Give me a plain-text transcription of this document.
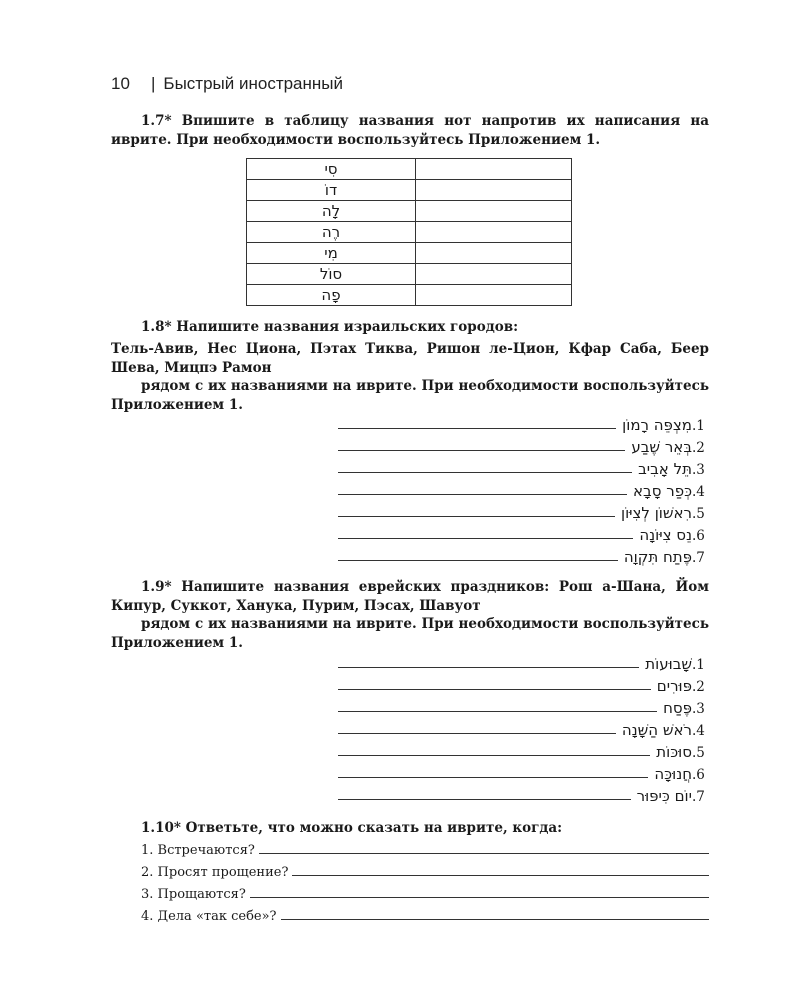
10 | Быстрый иностранный
1.7* Впишите в таблицу названия нот напротив их написания на иврите. При необходимости воспользуйтесь Приложением 1.
סִי	
דוֹ	
לָה	
רֶה	
מִי	
סוֹל	
פָה	
1.8* Напишите названия израильских городов:
Тель-Авив, Нес Циона, Пэтах Тиква, Ришон ле-Цион, Кфар Саба, Беер Шева, Мицпэ Рамон
рядом с их названиями на иврите. При необходимости воспользуйтесь Приложением 1.
מִצְפֵּה רָמוֹן .1
בְּאֵר שֶׁבַע .2
תֵּל אָבִיב .3
כְּפַר סָבָא .4
רִאשׁוֹן לְצִיּוֹן .5
נֵס צִיּוֹנָה .6
פֶּתַח תִּקְוָה .7
1.9* Напишите названия еврейских праздников: Рош а-Шана, Йом Кипур, Суккот, Ханука, Пурим, Пэсах, Шавуот
рядом с их названиями на иврите. При необходимости воспользуйтесь Приложением 1.
שָׁבוּעוֹת .1
פּוּרִים .2
פֶּסַח .3
רֹאשׁ הַשָּׁנָה .4
סוּכּוֹת .5
חֲנוּכָּה .6
יוֹם כִּיפּוּר .7
1.10* Ответьте, что можно сказать на иврите, когда:
1. Встречаются?
2. Просят прощение?
3. Прощаются?
4. Дела «так себе»?
